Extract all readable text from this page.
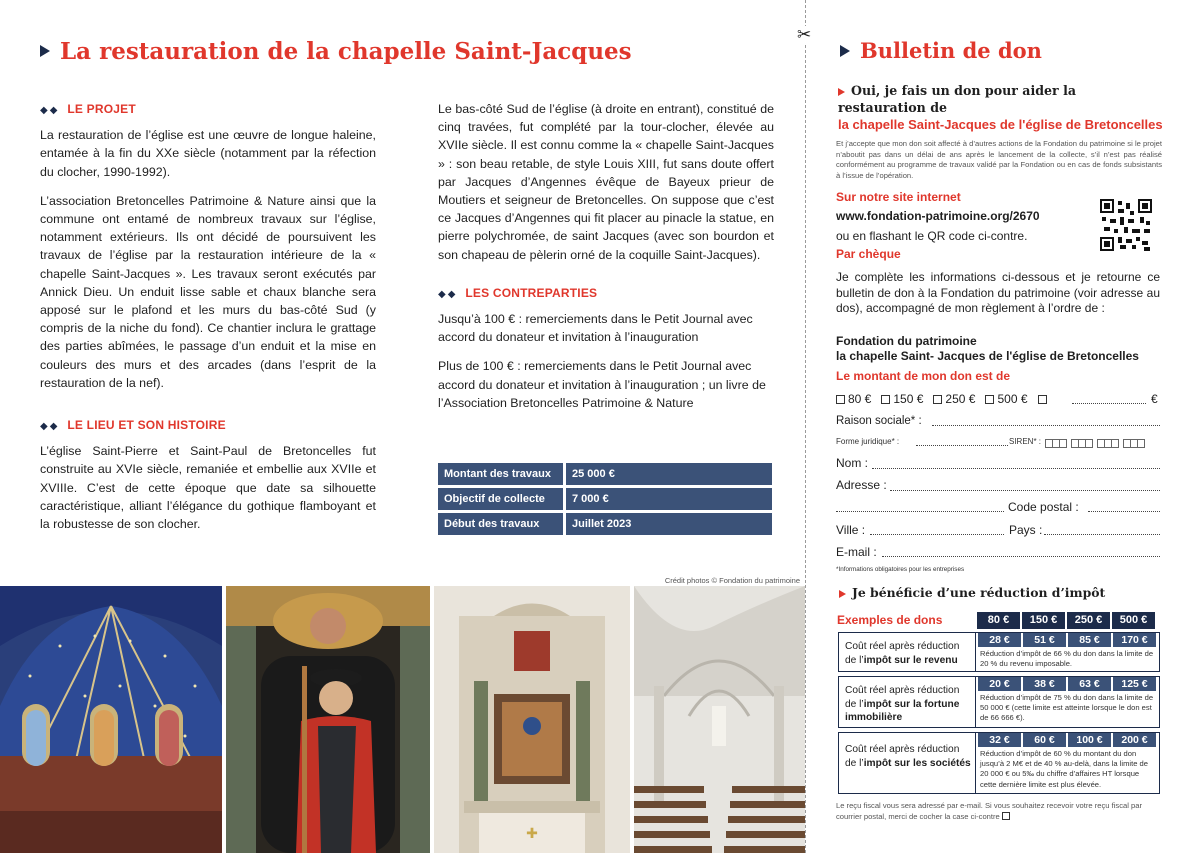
La restauration de la chapelle Saint-Jacques
◆◆ LE PROJET

La restauration de l’église est une œuvre de longue haleine, entamée à la fin du XXe siècle (notamment par la réfection du clocher, 1990-1992).

L’association Bretoncelles Patrimoine & Nature ainsi que la commune ont entamé de nombreux travaux sur l’église, notamment extérieurs. Ils ont décidé de poursuivent les travaux de l’église par la restauration intérieure de la « chapelle Saint-Jacques ». Les travaux seront exécutés par Annick Dieu. Un enduit lisse sable et chaux blanche sera apposé sur le plafond et les murs du bas-côté Sud (y compris de la niche du fond). Ce chantier inclura le grattage des parties abîmées, le passage d’un enduit et la mise en couleurs des murs et des arcades (dans l’esprit de la restauration de la nef).

◆◆ LE LIEU ET SON HISTOIRE

L’église Saint-Pierre et Saint-Paul de Bretoncelles fut construite au XVIe siècle, remaniée et embellie aux XVIIe et XVIIIe. C’est de cette époque que date sa silhouette caractéristique, alliant l’élégance du gothique flamboyant et la robustesse de son clocher.

Le bas-côté Sud de l’église (à droite en entrant), constitué de cinq travées, fut complété par la tour-clocher, élevée au XVIIe siècle. Il est connu comme la « chapelle Saint-Jacques » : son beau retable, de style Louis XIII, fut sans doute offert par Jacques d’Angennes évêque de Bayeux prieur de Moutiers et seigneur de Bretoncelles. On suppose que c’est ce Jacques d’Angennes qui fit placer au pinacle la statue, en pierre polychromée, de saint Jacques (avec son bourdon et son chapeau de pèlerin orné de la coquille Saint-Jacques).

◆◆ LES CONTREPARTIES

Jusqu’à 100 € : remerciements dans le Petit Journal avec accord du donateur et invitation à l’inauguration

Plus de 100 € : remerciements dans le Petit Journal avec accord du donateur et invitation à l’inauguration ; un livre de l’Association Bretoncelles Patrimoine & Nature

Montant des travaux	25 000 €
Objectif de collecte	7 000 €
Début des travaux	Juillet 2023
Crédit photos © Fondation du patrimoine
✚
✂
Bulletin de don
Oui, je fais un don pour aider la restauration de
la chapelle Saint-Jacques de l'église de Bretoncelles
Et j’accepte que mon don soit affecté à d’autres actions de la Fondation du patrimoine si le projet n’aboutit pas dans un délai de ans après le lancement de la collecte, s’il n’est pas réalisé conformément au programme de travaux validé par la Fondation ou en cas de fonds subsistants à l’issue de l’opération.
Sur notre site internet
www.fondation-patrimoine.org/2670
ou en flashant le QR code ci-contre.
Par chèque
Je complète les informations ci-dessous et je retourne ce bulletin de don à la Fondation du patrimoine (voir adresse au dos), accompagné de mon règlement à l’ordre de :
Fondation du patrimoine
la chapelle Saint- Jacques de l'église de Bretoncelles
Le montant de mon don est de
80 € 150 € 250 € 500 €	€
Raison sociale* :
Forme juridique* :	SIREN* :
Nom :
Adresse :
Code postal :
Ville :	Pays :
E-mail :
*Informations obligatoires pour les entreprises
Je bénéficie d’une réduction d’impôt
Exemples de dons	80 €	150 €	250 €	500 €
Coût réel après réduction de l’impôt sur le revenu
28 €	51 €	85 €	170 €
Réduction d’impôt de 66 % du don dans la limite de 20 % du revenu imposable.
Coût réel après réduction de l’impôt sur la fortune immobilière
20 €	38 €	63 €	125 €
Réduction d’impôt de 75 % du don dans la limite de 50 000 € (cette limite est atteinte lorsque le don est de 66 666 €).
Coût réel après réduction de l’impôt sur les sociétés
32 €	60 €	100 €	200 €
Réduction d’impôt de 60 % du montant du don jusqu’à 2 M€ et de 40 % au-delà, dans la limite de 20 000 € ou 5‰ du chiffre d’affaires HT lorsque cette dernière limite est plus élevée.
Le reçu fiscal vous sera adressé par e-mail. Si vous souhaitez recevoir votre reçu fiscal par courrier postal, merci de cocher la case ci-contre
